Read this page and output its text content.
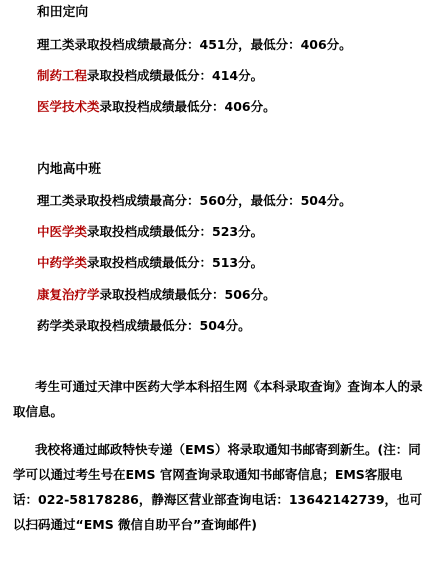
和田定向
理工类录取投档成绩最高分：451分，最低分：406分。
制药工程录取投档成绩最低分：414分。
医学技术类录取投档成绩最低分：406分。
内地高中班
理工类录取投档成绩最高分：560分，最低分：504分。
中医学类录取投档成绩最低分：523分。
中药学类录取投档成绩最低分：513分。
康复治疗学录取投档成绩最低分：506分。
药学类录取投档成绩最低分：504分。
考生可通过天津中医药大学本科招生网《本科录取查询》查询本人的录取信息。
我校将通过邮政特快专递（EMS）将录取通知书邮寄到新生。(注：同学可以通过考生号在EMS 官网查询录取通知书邮寄信息；EMS客服电话：022-58178286，静海区营业部查询电话：13642142739，也可以扫码通过“EMS 微信自助平台”查询邮件)
